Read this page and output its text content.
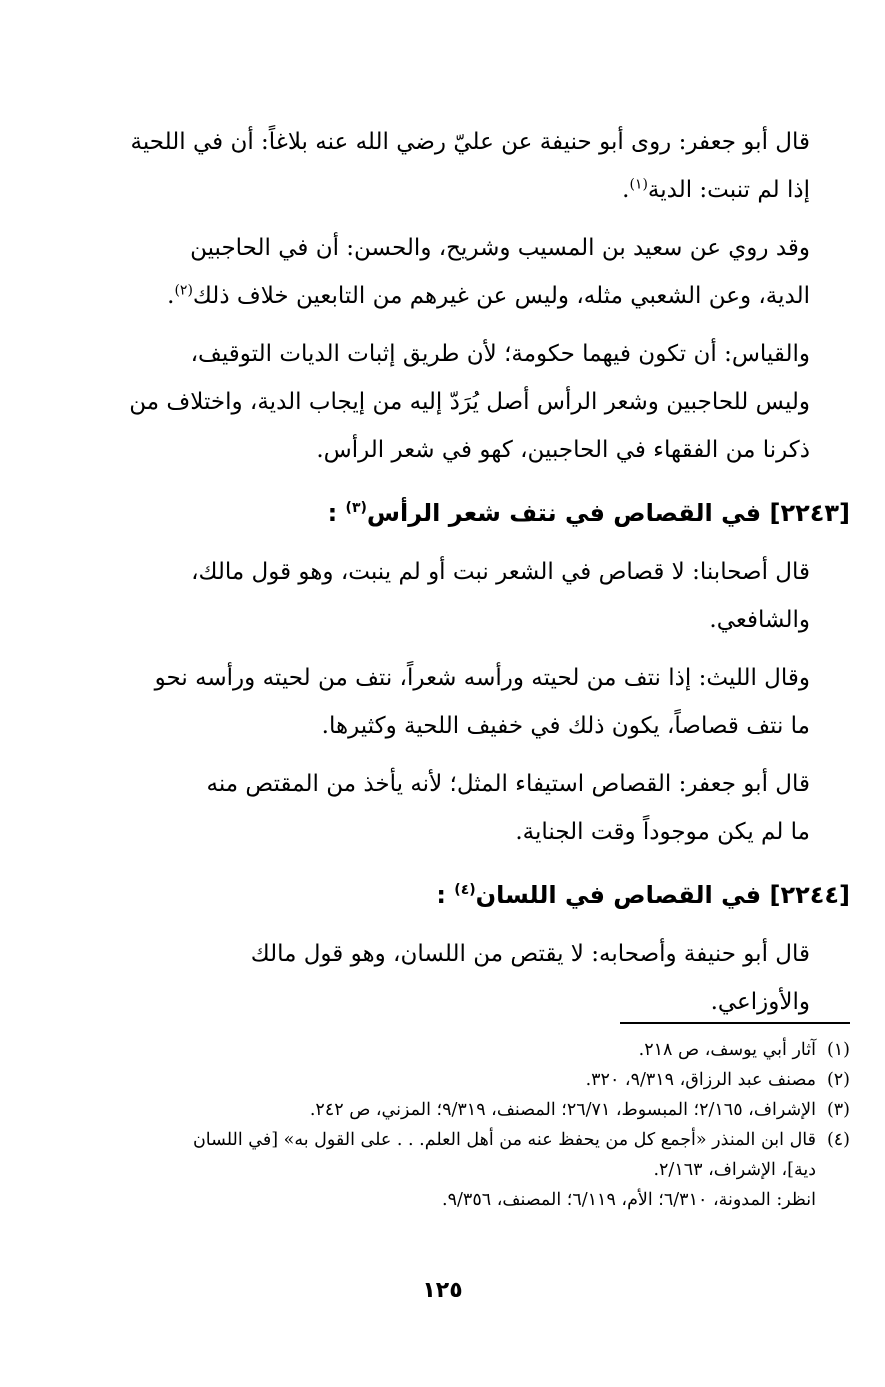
قال أبو جعفر: روى أبو حنيفة عن عليّ رضي الله عنه بلاغاً: أن في اللحية
إذا لم تنبت: الدية$^{(١)}$.

وقد روي عن سعيد بن المسيب وشريح، والحسن: أن في الحاجبين
الدية، وعن الشعبي مثله، وليس عن غيرهم من التابعين خلاف ذلك$^{(٢)}$.

والقياس: أن تكون فيهما حكومة؛ لأن طريق إثبات الديات التوقيف،
وليس للحاجبين وشعر الرأس أصل يُرَدّ إليه من إيجاب الدية، واختلاف من
ذكرنا من الفقهاء في الحاجبين، كهو في شعر الرأس.

[٢٢٤٣] في القصاص في نتف شعر الرأس$^{(٣)}$ :

قال أصحابنا: لا قصاص في الشعر نبت أو لم ينبت، وهو قول مالك،
والشافعي.

وقال الليث: إذا نتف من لحيته ورأسه شعراً، نتف من لحيته ورأسه نحو
ما نتف قصاصاً، يكون ذلك في خفيف اللحية وكثيرها.

قال أبو جعفر: القصاص استيفاء المثل؛ لأنه يأخذ من المقتص منه
ما لم يكن موجوداً وقت الجناية.

[٢٢٤٤] في القصاص في اللسان$^{(٤)}$ :

قال أبو حنيفة وأصحابه: لا يقتص من اللسان، وهو قول مالك
والأوزاعي.

(١)
آثار أبي يوسف، ص ٢١٨.
(٢)
مصنف عبد الرزاق، ٩/٣١٩، ٣٢٠.
(٣)
الإشراف، ٢/١٦٥؛ المبسوط، ٢٦/٧١؛ المصنف، ٩/٣١٩؛ المزني، ص ٢٤٢.
(٤)
قال ابن المنذر «أجمع كل من يحفظ عنه من أهل العلم. . . على القول به» [في اللسان
دية]، الإشراف، ٢/١٦٣.
انظر: المدونة، ٦/٣١٠؛ الأم، ٦/١١٩؛ المصنف، ٩/٣٥٦.
١٢٥
